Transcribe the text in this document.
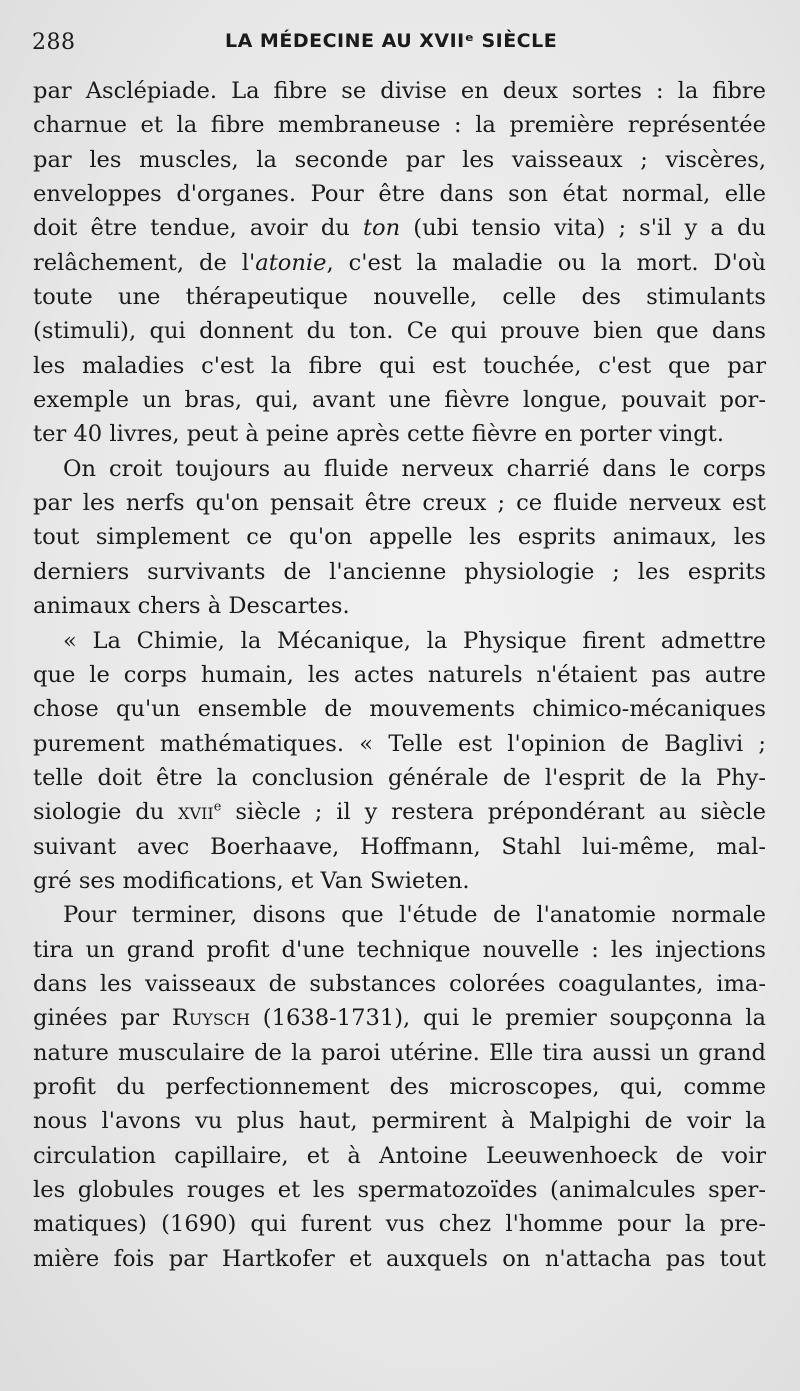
288	LA MÉDECINE AU XVIIᵉ SIÈCLE
par Asclépiade. La fibre se divise en deux sortes : la fibre
charnue et la fibre membraneuse : la première représentée
par les muscles, la seconde par les vaisseaux ; viscères,
enveloppes d'organes. Pour être dans son état normal, elle
doit être tendue, avoir du ton (ubi tensio vita) ; s'il y a du
relâchement, de l'atonie, c'est la maladie ou la mort. D'où
toute une thérapeutique nouvelle, celle des stimulants
(stimuli), qui donnent du ton. Ce qui prouve bien que dans
les maladies c'est la fibre qui est touchée, c'est que par
exemple un bras, qui, avant une fièvre longue, pouvait por-
ter 40 livres, peut à peine après cette fièvre en porter vingt.
On croit toujours au fluide nerveux charrié dans le corps
par les nerfs qu'on pensait être creux ; ce fluide nerveux est
tout simplement ce qu'on appelle les esprits animaux, les
derniers survivants de l'ancienne physiologie ; les esprits
animaux chers à Descartes.
« La Chimie, la Mécanique, la Physique firent admettre
que le corps humain, les actes naturels n'étaient pas autre
chose qu'un ensemble de mouvements chimico-mécaniques
purement mathématiques. « Telle est l'opinion de Baglivi ;
telle doit être la conclusion générale de l'esprit de la Phy-
siologie du xvii$^e$ siècle ; il y restera prépondérant au siècle
suivant avec Boerhaave, Hoffmann, Stahl lui-même, mal-
gré ses modifications, et Van Swieten.
Pour terminer, disons que l'étude de l'anatomie normale
tira un grand profit d'une technique nouvelle : les injections
dans les vaisseaux de substances colorées coagulantes, ima-
ginées par Ruysch (1638-1731), qui le premier soupçonna la
nature musculaire de la paroi utérine. Elle tira aussi un grand
profit du perfectionnement des microscopes, qui, comme
nous l'avons vu plus haut, permirent à Malpighi de voir la
circulation capillaire, et à Antoine Leeuwenhoeck de voir
les globules rouges et les spermatozoïdes (animalcules sper-
matiques) (1690) qui furent vus chez l'homme pour la pre-
mière fois par Hartkofer et auxquels on n'attacha pas tout
